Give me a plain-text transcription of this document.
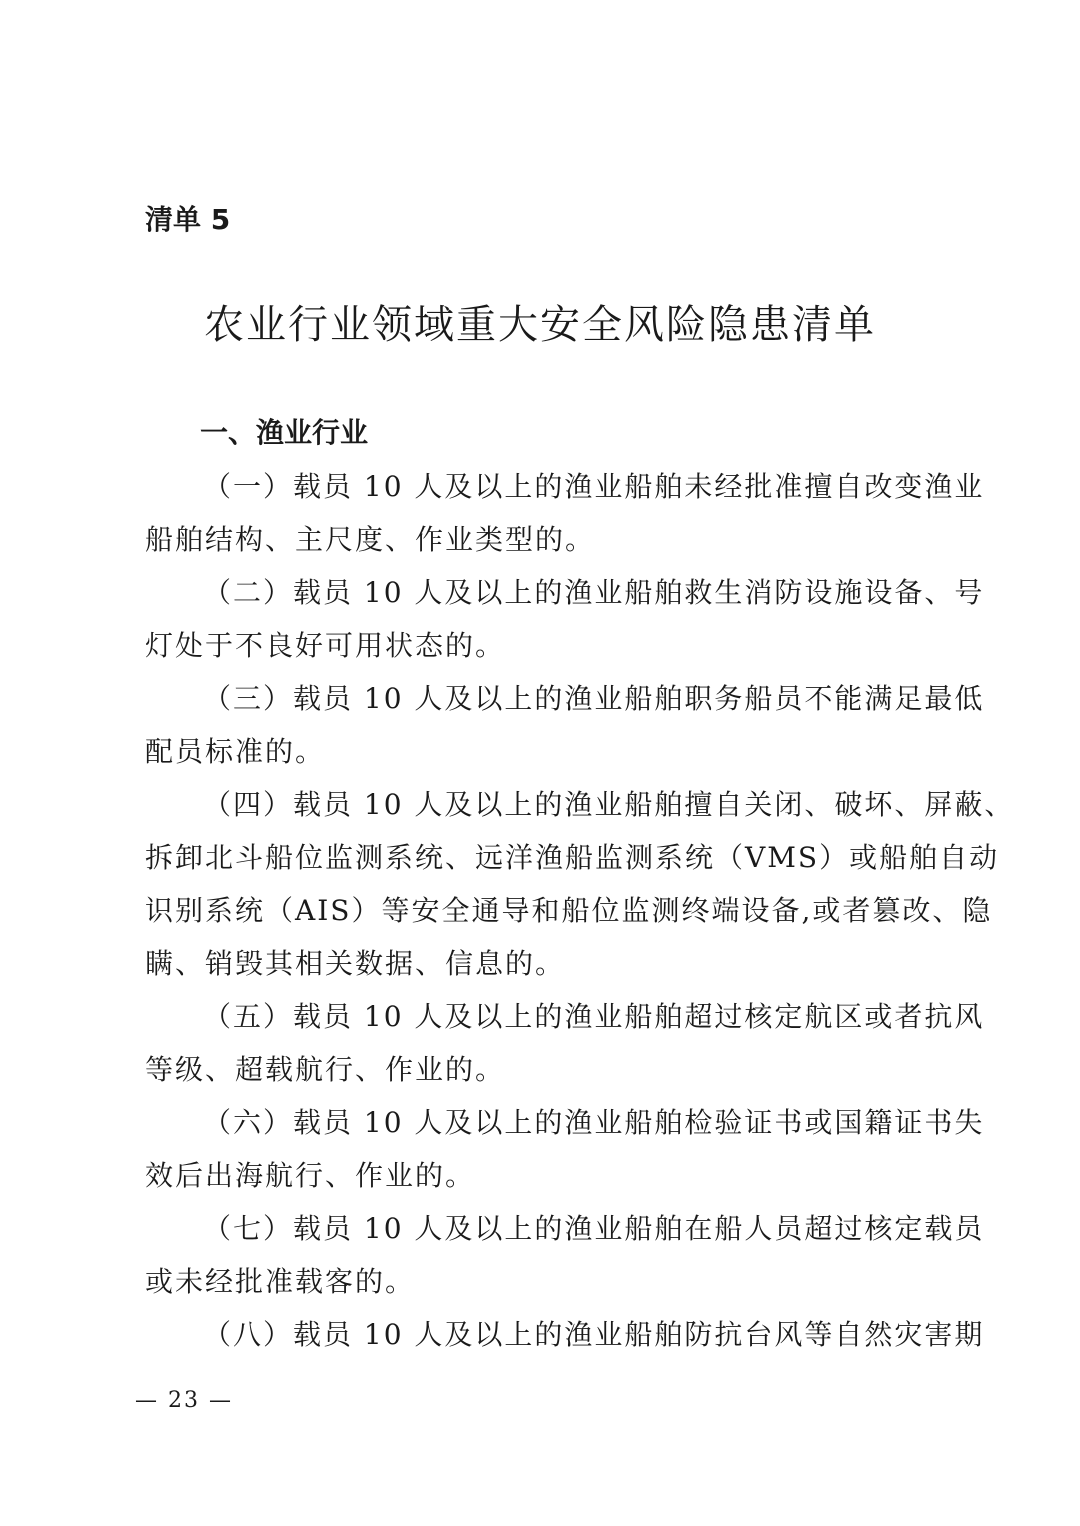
清单 5
农业行业领域重大安全风险隐患清单
一、渔业行业

（一）载员 10 人及以上的渔业船舶未经批准擅自改变渔业
船舶结构、主尺度、作业类型的。

（二）载员 10 人及以上的渔业船舶救生消防设施设备、号
灯处于不良好可用状态的。

（三）载员 10 人及以上的渔业船舶职务船员不能满足最低
配员标准的。

（四）载员 10 人及以上的渔业船舶擅自关闭、破坏、屏蔽、
拆卸北斗船位监测系统、远洋渔船监测系统（VMS）或船舶自动
识别系统（AIS）等安全通导和船位监测终端设备,或者篡改、隐
瞒、销毁其相关数据、信息的。

（五）载员 10 人及以上的渔业船舶超过核定航区或者抗风
等级、超载航行、作业的。

（六）载员 10 人及以上的渔业船舶检验证书或国籍证书失
效后出海航行、作业的。

（七）载员 10 人及以上的渔业船舶在船人员超过核定载员
或未经批准载客的。

（八）载员 10 人及以上的渔业船舶防抗台风等自然灾害期

— 23 —
